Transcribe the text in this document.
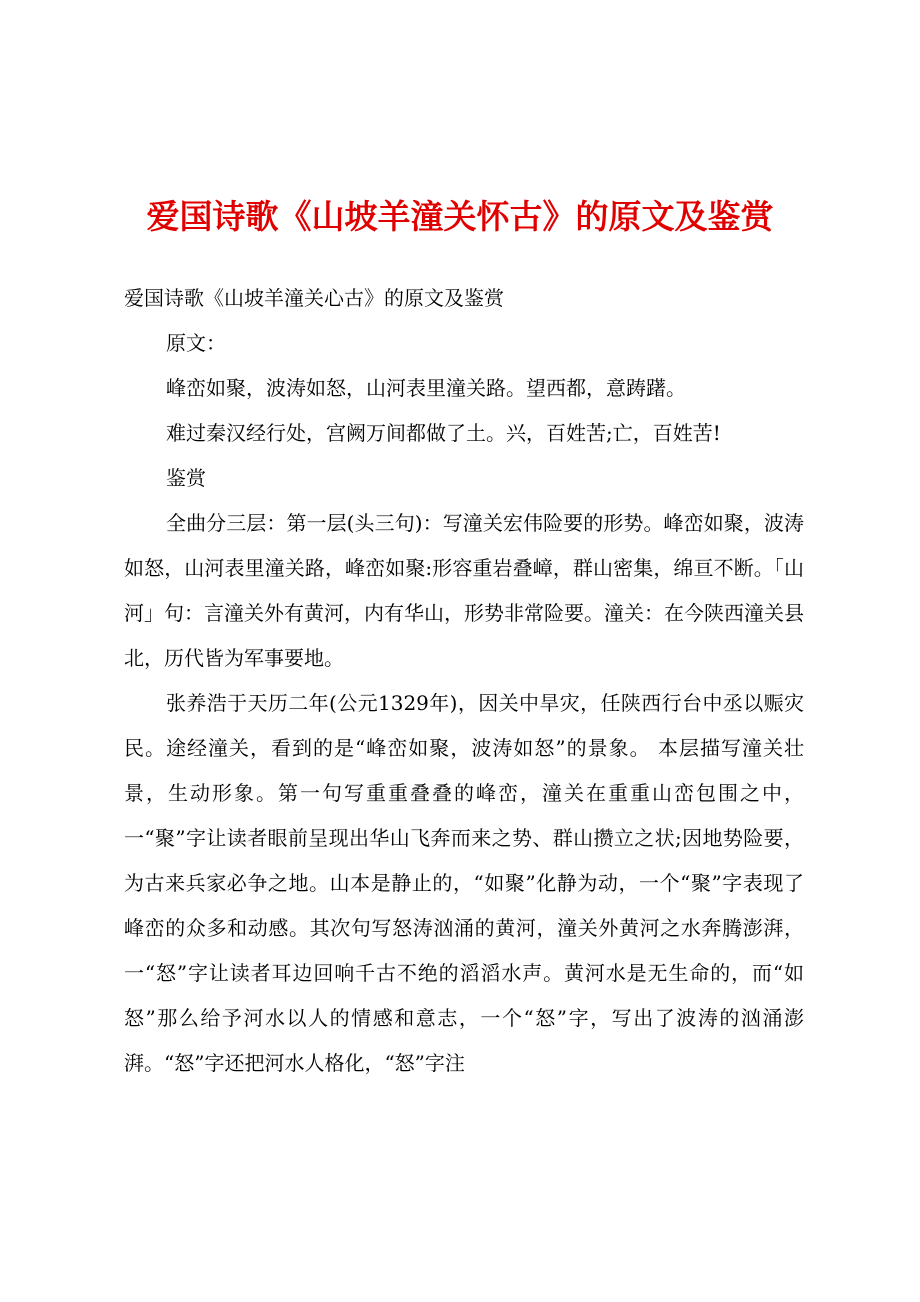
爱国诗歌《山坡羊潼关怀古》的原文及鉴赏

爱国诗歌《山坡羊潼关心古》的原文及鉴赏

原文：

峰峦如聚，波涛如怒，山河表里潼关路。望西都，意踌躇。

难过秦汉经行处，宫阙万间都做了土。兴，百姓苦;亡，百姓苦!

鉴赏

全曲分三层：第一层(头三句)：写潼关宏伟险要的形势。峰峦如聚，波涛如怒，山河表里潼关路，峰峦如聚:形容重岩叠嶂，群山密集，绵亘不断。「山河」句：言潼关外有黄河，内有华山，形势非常险要。潼关：在今陕西潼关县北，历代皆为军事要地。

张养浩于天历二年(公元1329年)，因关中旱灾，任陕西行台中丞以赈灾民。途经潼关，看到的是“峰峦如聚，波涛如怒”的景象。 本层描写潼关壮景，生动形象。第一句写重重叠叠的峰峦，潼关在重重山峦包围之中，一“聚”字让读者眼前呈现出华山飞奔而来之势、群山攒立之状;因地势险要，为古来兵家必争之地。山本是静止的，“如聚”化静为动，一个“聚”字表现了峰峦的众多和动感。其次句写怒涛汹涌的黄河，潼关外黄河之水奔腾澎湃，一“怒”字让读者耳边回响千古不绝的滔滔水声。黄河水是无生命的，而“如怒”那么给予河水以人的情感和意志，一个“怒”字，写出了波涛的汹涌澎湃。“怒”字还把河水人格化，“怒”字注
